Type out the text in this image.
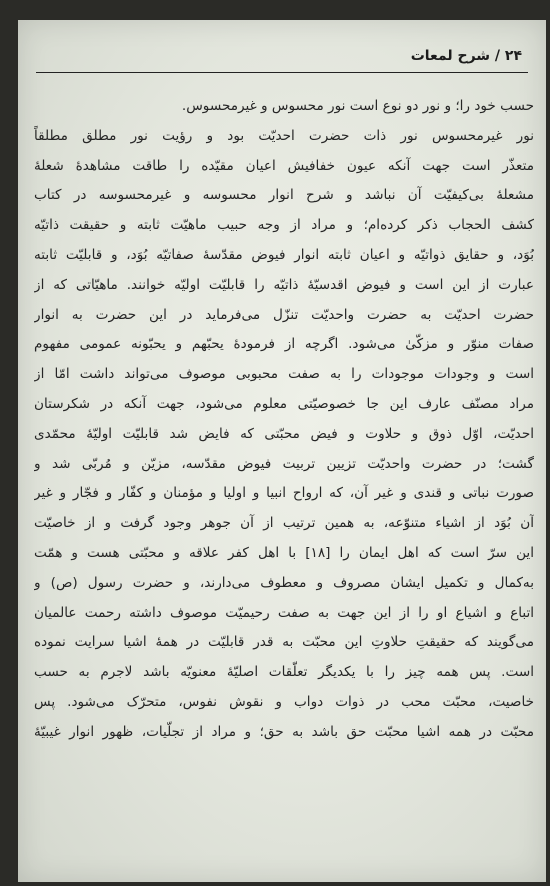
۲۴ / شرح لمعات
حسب خود را؛ و نور دو نوع است نور محسوس و غیرمحسوس.
نور غیرمحسوس نور ذات حضرت احدیّت بود و رؤیت نور مطلق مطلقاً
متعذّر است جهت آنکه عیون خفافیش اعیان مقیّده را طاقت مشاهدهٔ شعلهٔ
مشعلهٔ بی‌کیفیّت آن نباشد و شرح انوار محسوسه و غیرمحسوسه در کتاب
کشف الحجاب ذکر کرده‌ام؛ و مراد از وجه حبیب ماهیّت ثابته و حقیقت ذاتیّه
بُوَد، و حقایق ذواتیّه و اعیان ثابته انوار فیوض مقدّسهٔ صفاتیّه بُوَد، و قابلیّت ثابته
عبارت از این است و فیوض اقدسیّهٔ ذاتیّه را قابلیّت اولیّه خوانند. ماهیّاتی که از
حضرت احدیّت به حضرت واحدیّت تنزّل می‌فرماید در این حضرت به انوار
صفات منوّر و مزکّیٰ می‌شود. اگرچه از فرمودهٔ یحبّهم و یحبّونه عمومی مفهوم
است و وجودات موجودات را به صفت محبوبی موصوف می‌تواند داشت امّا از
مراد مصنّف عارف این جا خصوصیّتی معلوم می‌شود، جهت آنکه در شکرستان
احدیّت، اوّل ذوق و حلاوت و فیض محبّتی که فایض شد قابلیّت اولیّهٔ محمّدی
گشت؛ در حضرت واحدیّت تزیین تربیت فیوض مقدّسه، مزیّن و مُربّی شد و
صورت نباتی و قندی و غیر آن، که ارواح انبیا و اولیا و مؤمنان و کفّار و فجّار و غیر
آن بُوَد از اشیاء متنوّعه، به همین ترتیب از آن جوهر وجود گرفت و از خاصیّت
این سرّ است که اهل ایمان را [۱۸] با اهل کفر علاقه و محبّتی هست و همّت
به‌کمال و تکمیل ایشان مصروف و معطوف می‌دارند، و حضرت رسول (ص) و
اتباع و اشیاع او را از این جهت به صفت رحیمیّت موصوف داشته رحمت عالمیان
می‌گویند که حقیقتِ حلاوتِ این محبّت به قدر قابلیّت در همهٔ اشیا سرایت نموده
است. پس همه چیز را با یکدیگر تعلّقات اصلیّهٔ معنویّه باشد لاجرم به حسب
خاصیت، محبّت محب در ذوات دواب و نقوش نفوس، متحرّک می‌شود. پس
محبّت در همه اشیا محبّت حق باشد به حق؛ و مراد از تجلّیات، ظهور انوار غیبیّهٔ
